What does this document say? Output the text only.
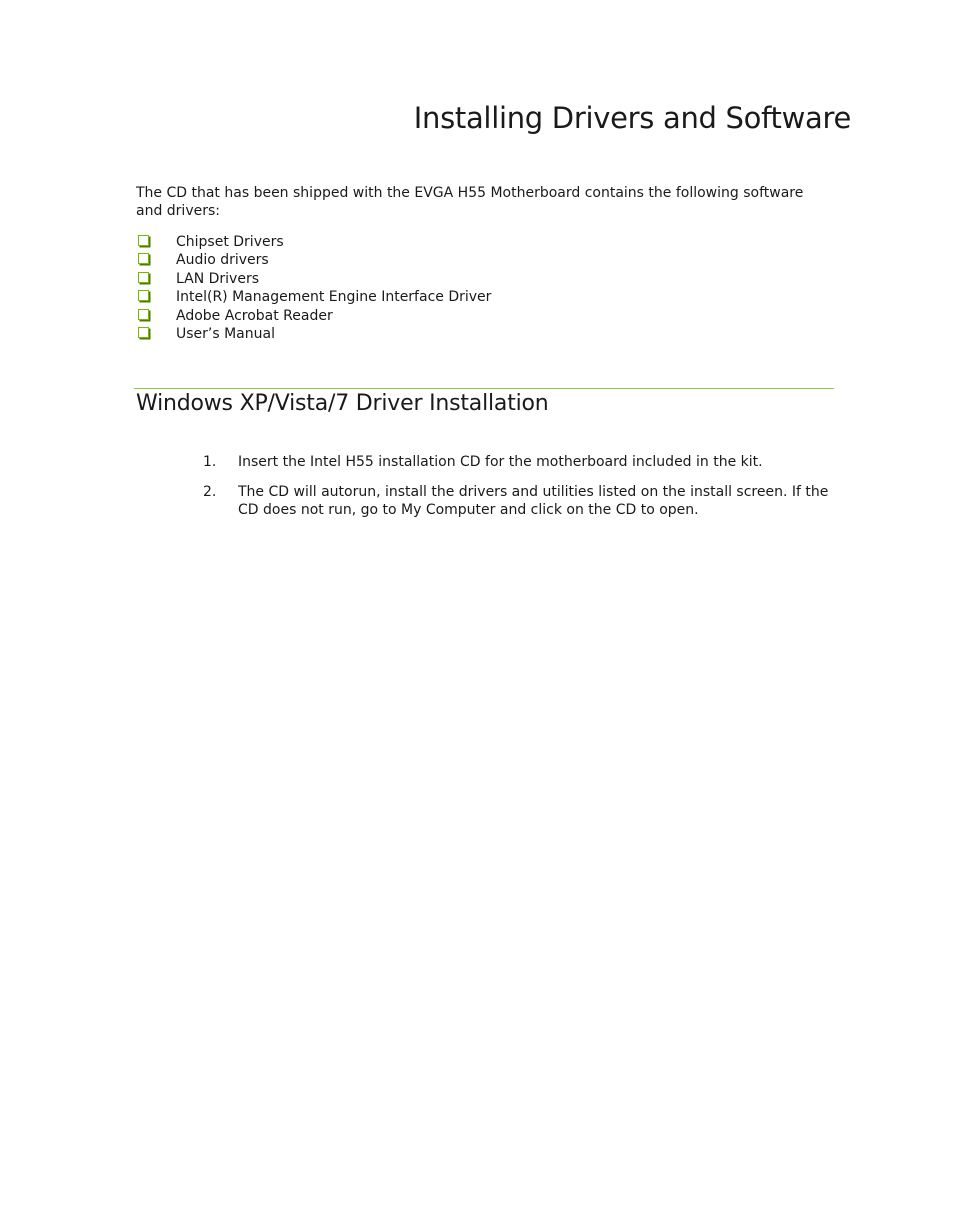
Installing Drivers and Software

The CD that has been shipped with the EVGA H55 Motherboard contains the following software and drivers:

Chipset Drivers
Audio drivers
LAN Drivers
Intel(R) Management Engine Interface Driver
Adobe Acrobat Reader
User’s Manual
Windows XP/Vista/7 Driver Installation
1. Insert the Intel H55 installation CD for the motherboard included in the kit.
2. The CD will autorun, install the drivers and utilities listed on the install screen. If the CD does not run, go to My Computer and click on the CD to open.
